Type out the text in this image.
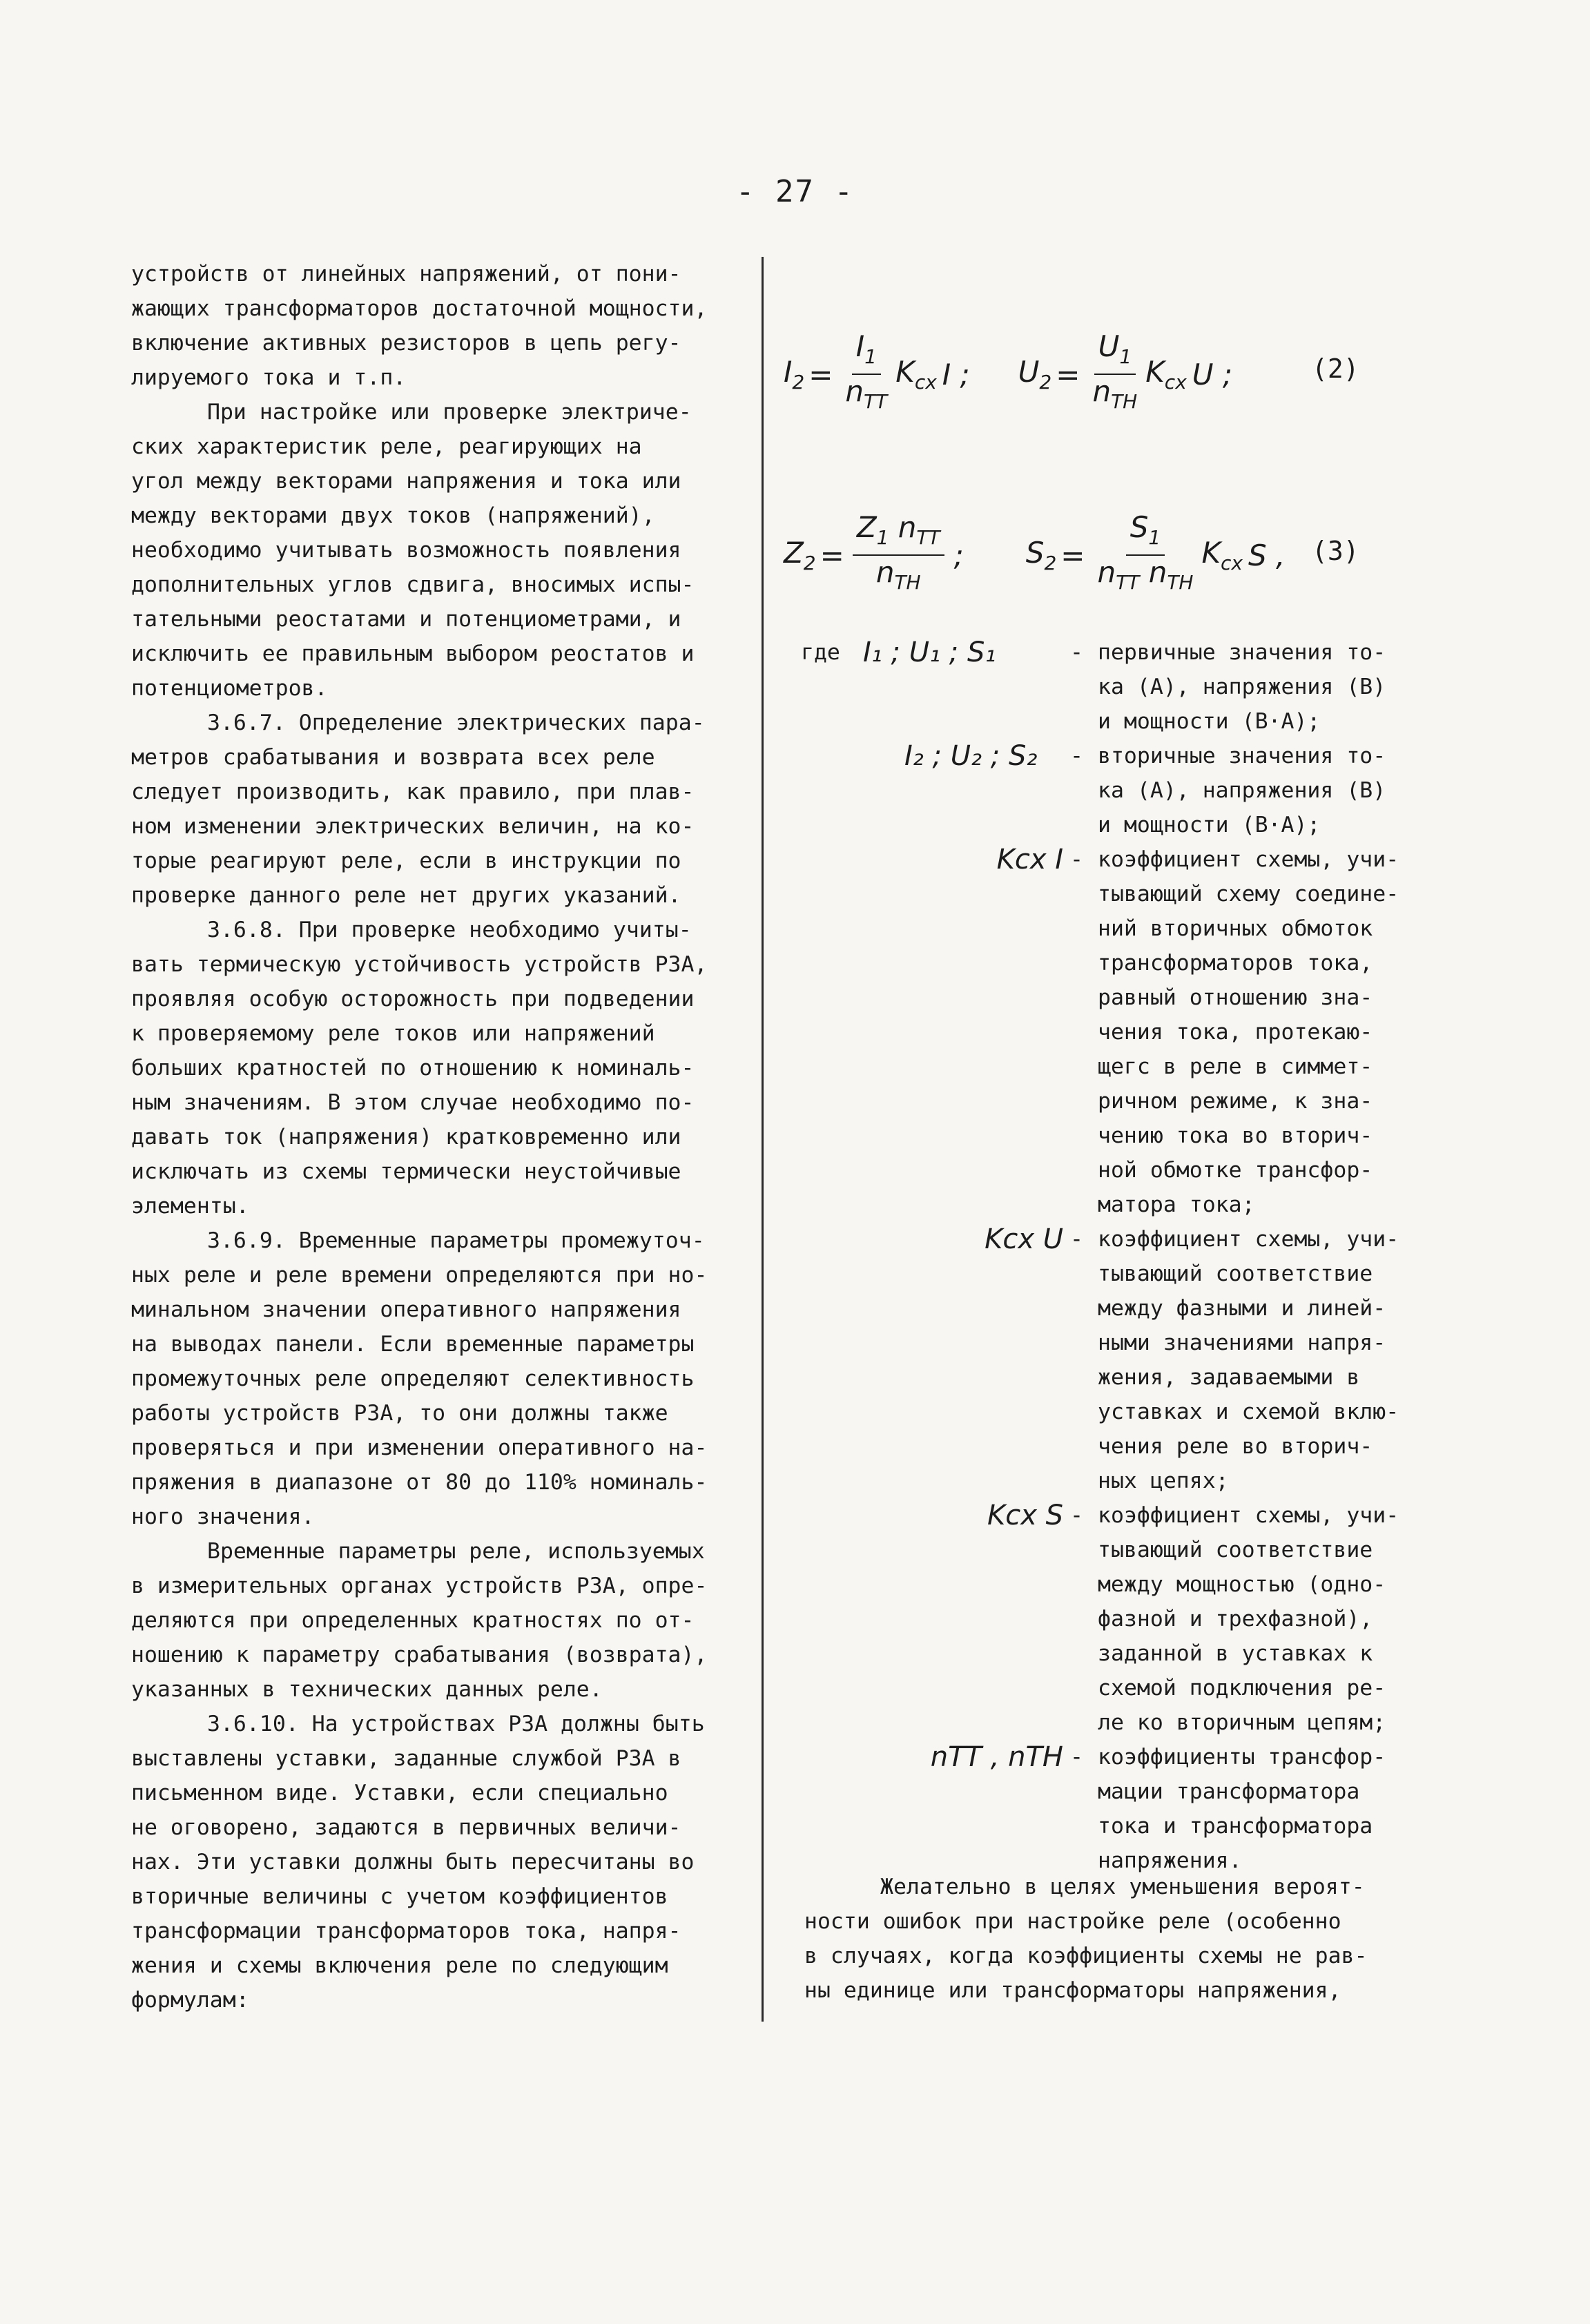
- 27 -

устройств от линейных напряжений, от пони-

жающих трансформаторов достаточной мощности,

включение активных резисторов в цепь регу-

лируемого тока и т.п.

При настройке или проверке электриче-

ских характеристик реле, реагирующих на

угол между векторами напряжения и тока или

между векторами двух токов (напряжений),

необходимо учитывать возможность появления

дополнительных углов сдвига, вносимых испы-

тательными реостатами и потенциометрами, и

исключить ее правильным выбором реостатов и

потенциометров.

3.6.7. Определение электрических пара-

метров срабатывания и возврата всех реле

следует производить, как правило, при плав-

ном изменении электрических величин, на ко-

торые реагируют реле, если в инструкции по

проверке данного реле нет других указаний.

3.6.8. При проверке необходимо учиты-

вать термическую устойчивость устройств РЗА,

проявляя особую осторожность при подведении

к проверяемому реле токов или напряжений

больших кратностей по отношению к номиналь-

ным значениям. В этом случае необходимо по-

давать ток (напряжения) кратковременно или

исключать из схемы термически неустойчивые

элементы.

3.6.9. Временные параметры промежуточ-

ных реле и реле времени определяются при но-

минальном значении оперативного напряжения

на выводах панели. Если временные параметры

промежуточных реле определяют селективность

работы устройств РЗА, то они должны также

проверяться и при изменении оперативного на-

пряжения в диапазоне от 80 до 110% номиналь-

ного значения.

Временные параметры реле, используемых

в измерительных органах устройств РЗА, опре-

деляются при определенных кратностях по от-

ношению к параметру срабатывания (возврата),

указанных в технических данных реле.

3.6.10. На устройствах РЗА должны быть

выставлены уставки, заданные службой РЗА в

письменном виде. Уставки, если специально

не оговорено, задаются в первичных величи-

нах. Эти уставки должны быть пересчитаны во

вторичные величины с учетом коэффициентов

трансформации трансформаторов тока, напря-

жения и схемы включения реле по следующим

формулам:

$I_2 = \frac{I_1}{n_{ТТ}} K_{сх}$ I ; $U_2 = \frac{U_1}{n_{ТН}} K_{сх}$ U ;	(2)
$Z_2 = \frac{Z_1 n_{ТТ}}{n_{ТН}}$ ; $S_2 = \frac{S_1}{n_{ТТ} n_{ТН}} K_{сх}$ S , (3)
где I₁ ; U₁ ; S₁	- первичные значения то-

ка (А), напряжения (В)

и мощности (В·А);

I₂ ; U₂ ; S₂	- вторичные значения то-

ка (А), напряжения (В)

и мощности (В·А);

Kсх I - коэффициент схемы, учи-

тывающий схему соедине-

ний вторичных обмоток

трансформаторов тока,

равный отношению зна-

чения тока, протекаю-

щегс в реле в симмет-

ричном режиме, к зна-

чению тока во вторич-

ной обмотке трансфор-

матора тока;

Kсх U - коэффициент схемы, учи-

тывающий соответствие

между фазными и линей-

ными значениями напря-

жения, задаваемыми в

уставках и схемой вклю-

чения реле во вторич-

ных цепях;

Kсх S - коэффициент схемы, учи-

тывающий соответствие

между мощностью (одно-

фазной и трехфазной),

заданной в уставках к

схемой подключения ре-

ле ко вторичным цепям;

nТТ , nТН - коэффициенты трансфор-

мации трансформатора

тока и трансформатора

напряжения.

Желательно в целях уменьшения вероят-

ности ошибок при настройке реле (особенно

в случаях, когда коэффициенты схемы не рав-

ны единице или трансформаторы напряжения,
